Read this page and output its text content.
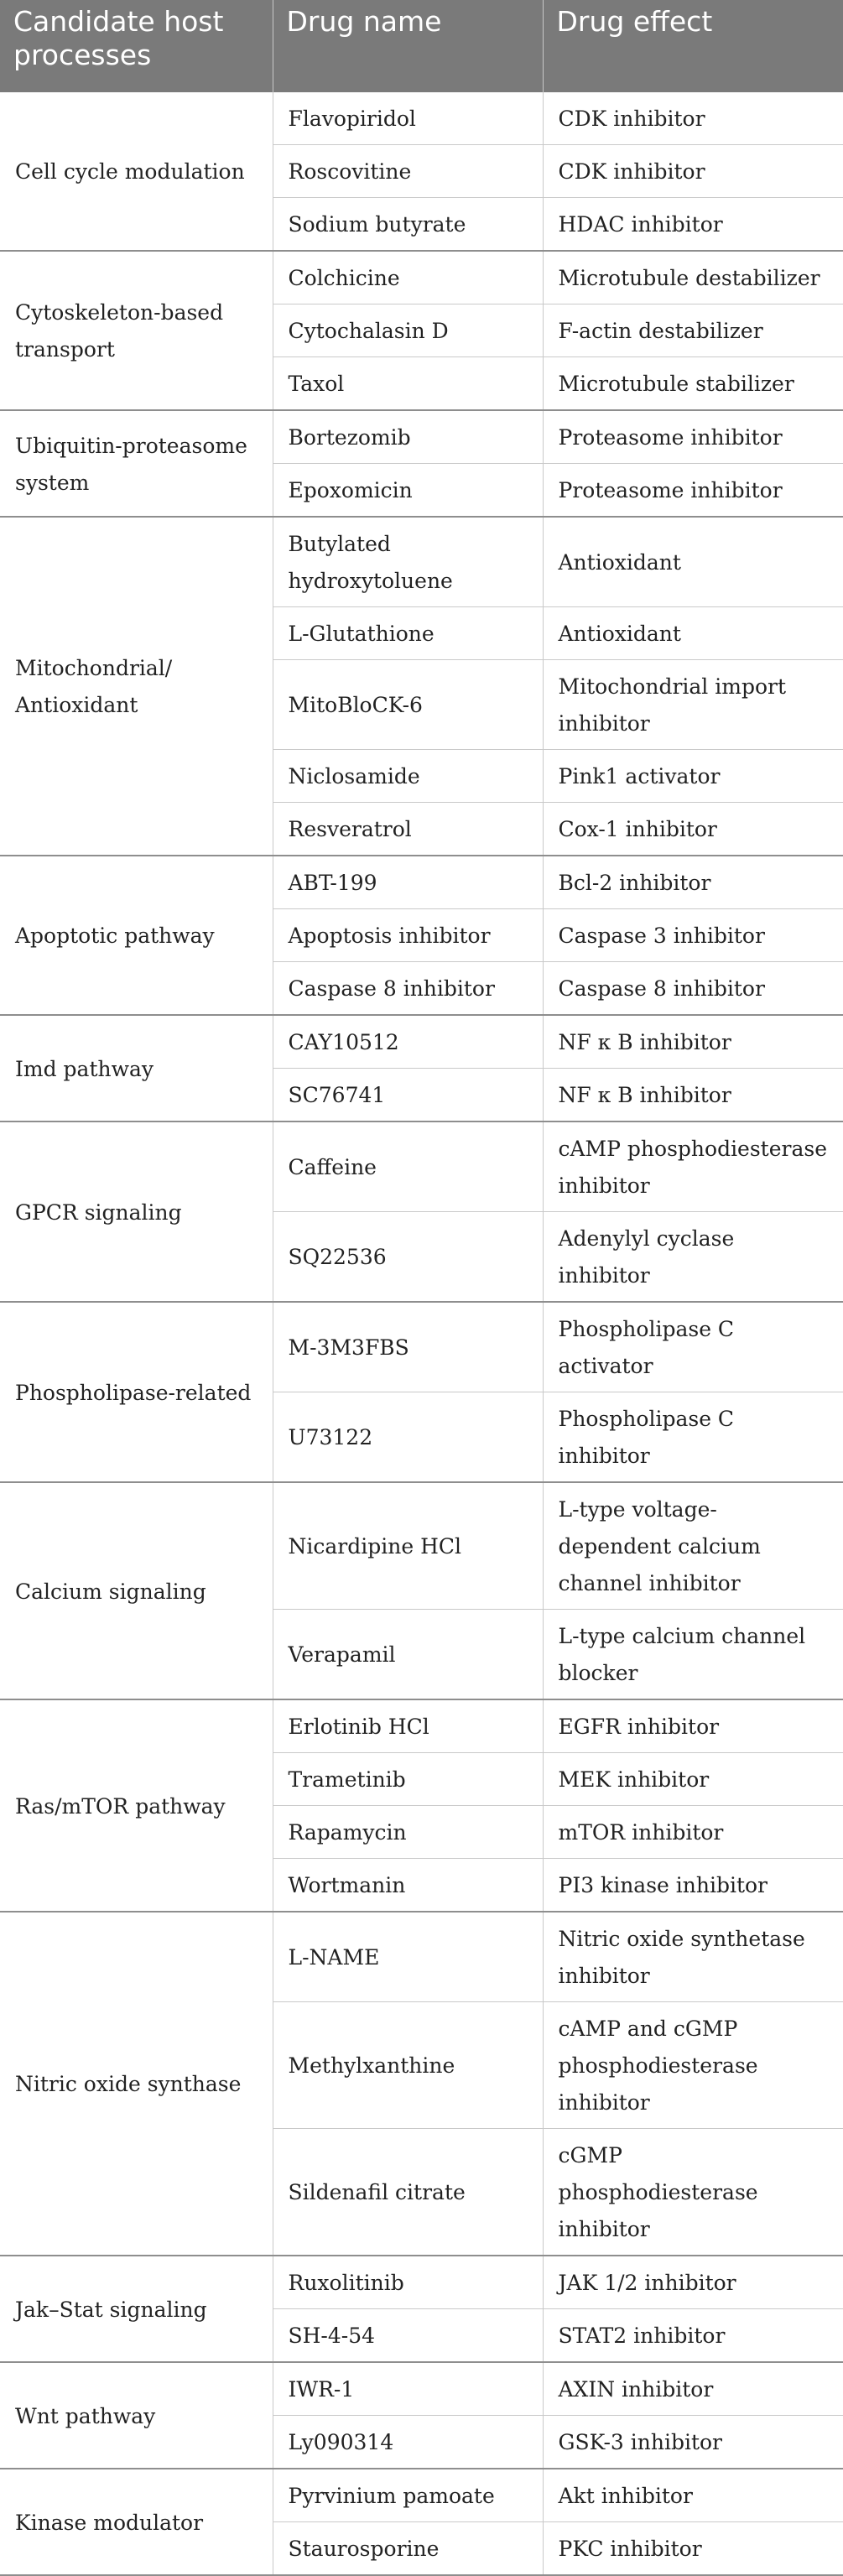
Candidate host processes	Drug name	Drug effect
Cell cycle modulation	Flavopiridol	CDK inhibitor
	Roscovitine	CDK inhibitor
	Sodium butyrate	HDAC inhibitor
Cytoskeleton-based transport	Colchicine	Microtubule destabilizer
	Cytochalasin D	F-actin destabilizer
	Taxol	Microtubule stabilizer
Ubiquitin-proteasome system	Bortezomib	Proteasome inhibitor
	Epoxomicin	Proteasome inhibitor
Mitochondrial/ Antioxidant	Butylated hydroxytoluene	Antioxidant
	L-Glutathione	Antioxidant
	MitoBloCK-6	Mitochondrial import inhibitor
	Niclosamide	Pink1 activator
	Resveratrol	Cox-1 inhibitor
Apoptotic pathway	ABT-199	Bcl-2 inhibitor
	Apoptosis inhibitor	Caspase 3 inhibitor
	Caspase 8 inhibitor	Caspase 8 inhibitor
Imd pathway	CAY10512	NF κ B inhibitor
	SC76741	NF κ B inhibitor
GPCR signaling	Caffeine	cAMP phosphodiesterase inhibitor
	SQ22536	Adenylyl cyclase inhibitor
Phospholipase-related	M-3M3FBS	Phospholipase C activator
	U73122	Phospholipase C inhibitor
Calcium signaling	Nicardipine HCl	L-type voltage-dependent calcium channel inhibitor
	Verapamil	L-type calcium channel blocker
Ras/mTOR pathway	Erlotinib HCl	EGFR inhibitor
	Trametinib	MEK inhibitor
	Rapamycin	mTOR inhibitor
	Wortmanin	PI3 kinase inhibitor
Nitric oxide synthase	L-NAME	Nitric oxide synthetase inhibitor
	Methylxanthine	cAMP and cGMP phosphodiesterase inhibitor
	Sildenafil citrate	cGMP phosphodiesterase inhibitor
Jak–Stat signaling	Ruxolitinib	JAK 1/2 inhibitor
	SH-4-54	STAT2 inhibitor
Wnt pathway	IWR-1	AXIN inhibitor
	Ly090314	GSK-3 inhibitor
Kinase modulator	Pyrvinium pamoate	Akt inhibitor
	Staurosporine	PKC inhibitor
